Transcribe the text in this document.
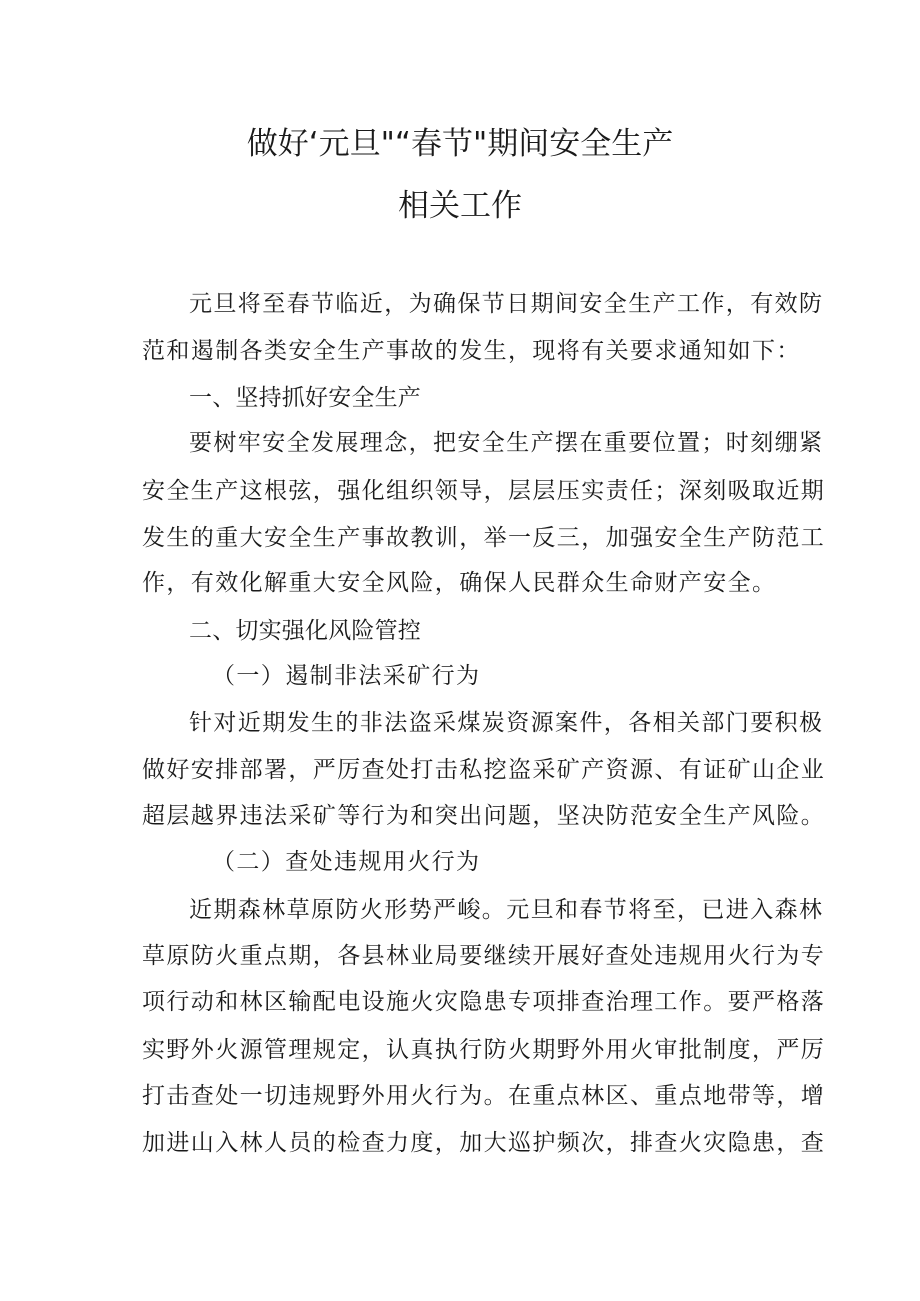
做好‘元旦"“春节"期间安全生产
相关工作
元旦将至春节临近，为确保节日期间安全生产工作，有效防
范和遏制各类安全生产事故的发生，现将有关要求通知如下：
一、坚持抓好安全生产
要树牢安全发展理念，把安全生产摆在重要位置；时刻绷紧
安全生产这根弦，强化组织领导，层层压实责任；深刻吸取近期
发生的重大安全生产事故教训，举一反三，加强安全生产防范工
作，有效化解重大安全风险，确保人民群众生命财产安全。
二、切实强化风险管控
（一）遏制非法采矿行为
针对近期发生的非法盗采煤炭资源案件，各相关部门要积极
做好安排部署，严厉查处打击私挖盗采矿产资源、有证矿山企业
超层越界违法采矿等行为和突出问题，坚决防范安全生产风险。
（二）查处违规用火行为
近期森林草原防火形势严峻。元旦和春节将至，已进入森林
草原防火重点期，各县林业局要继续开展好查处违规用火行为专
项行动和林区输配电设施火灾隐患专项排查治理工作。要严格落
实野外火源管理规定，认真执行防火期野外用火审批制度，严厉
打击查处一切违规野外用火行为。在重点林区、重点地带等，增
加进山入林人员的检查力度，加大巡护频次，排查火灾隐患，查
